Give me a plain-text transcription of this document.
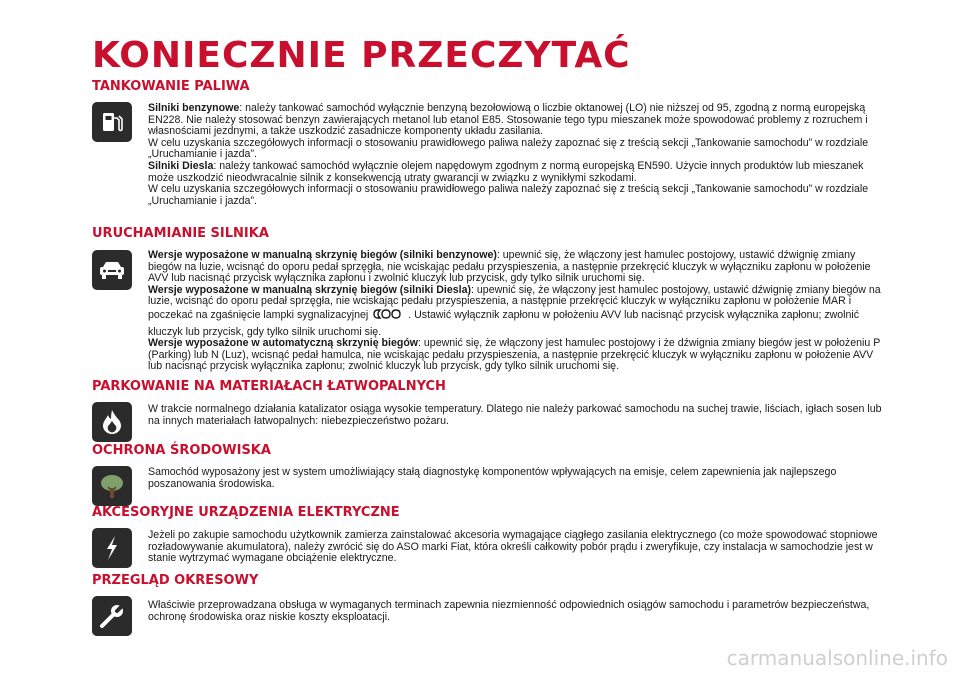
KONIECZNIE PRZECZYTAĆ
TANKOWANIE PALIWA

Silniki benzynowe: należy tankować samochód wyłącznie benzyną bezołowiową o liczbie oktanowej (LO) nie niższej od 95, zgodną z normą europejską EN228. Nie należy stosować benzyn zawierających metanol lub etanol E85. Stosowanie tego typu mieszanek może spowodować problemy z rozruchem i własnościami jezdnymi, a także uszkodzić zasadnicze komponenty układu zasilania.

W celu uzyskania szczegółowych informacji o stosowaniu prawidłowego paliwa należy zapoznać się z treścią sekcji „Tankowanie samochodu” w rozdziale „Uruchamianie i jazda”.

Silniki Diesla: należy tankować samochód wyłącznie olejem napędowym zgodnym z normą europejską EN590. Użycie innych produktów lub mieszanek może uszkodzić nieodwracalnie silnik z konsekwencją utraty gwarancji w związku z wynikłymi szkodami.

W celu uzyskania szczegółowych informacji o stosowaniu prawidłowego paliwa należy zapoznać się z treścią sekcji „Tankowanie samochodu” w rozdziale „Uruchamianie i jazda”.

URUCHAMIANIE SILNIKA

Wersje wyposażone w manualną skrzynię biegów (silniki benzynowe): upewnić się, że włączony jest hamulec postojowy, ustawić dźwignię zmiany biegów na luzie, wcisnąć do oporu pedał sprzęgła, nie wciskając pedału przyspieszenia, a następnie przekręcić kluczyk w wyłączniku zapłonu w położenie AVV lub nacisnąć przycisk wyłącznika zapłonu i zwolnić kluczyk lub przycisk, gdy tylko silnik uruchomi się.

Wersje wyposażone w manualną skrzynię biegów (silniki Diesla): upewnić się, że włączony jest hamulec postojowy, ustawić dźwignię zmiany biegów na luzie, wcisnąć do oporu pedał sprzęgła, nie wciskając pedału przyspieszenia, a następnie przekręcić kluczyk w wyłączniku zapłonu w położenie MAR i poczekać na zgaśnięcie lampki sygnalizacyjnej	. Ustawić wyłącznik zapłonu w położeniu AVV lub nacisnąć przycisk wyłącznika zapłonu; zwolnić kluczyk lub przycisk, gdy tylko silnik uruchomi się.

Wersje wyposażone w automatyczną skrzynię biegów: upewnić się, że włączony jest hamulec postojowy i że dźwignia zmiany biegów jest w położeniu P (Parking) lub N (Luz), wcisnąć pedał hamulca, nie wciskając pedału przyspieszenia, a następnie przekręcić kluczyk w wyłączniku zapłonu w położenie AVV lub nacisnąć przycisk wyłącznika zapłonu; zwolnić kluczyk lub przycisk, gdy tylko silnik uruchomi się.

PARKOWANIE NA MATERIAŁACH ŁATWOPALNYCH

W trakcie normalnego działania katalizator osiąga wysokie temperatury. Dlatego nie należy parkować samochodu na suchej trawie, liściach, igłach sosen lub na innych materiałach łatwopalnych: niebezpieczeństwo pożaru.

OCHRONA ŚRODOWISKA

Samochód wyposażony jest w system umożliwiający stałą diagnostykę komponentów wpływających na emisje, celem zapewnienia jak najlepszego poszanowania środowiska.

AKCESORYJNE URZĄDZENIA ELEKTRYCZNE

Jeżeli po zakupie samochodu użytkownik zamierza zainstalować akcesoria wymagające ciągłego zasilania elektrycznego (co może spowodować stopniowe rozładowywanie akumulatora), należy zwrócić się do ASO marki Fiat, która określi całkowity pobór prądu i zweryfikuje, czy instalacja w samochodzie jest w stanie wytrzymać wymagane obciążenie elektryczne.

PRZEGLĄD OKRESOWY

Właściwie przeprowadzana obsługa w wymaganych terminach zapewnia niezmienność odpowiednich osiągów samochodu i parametrów bezpieczeństwa, ochronę środowiska oraz niskie koszty eksploatacji.

carmanualsonline.info
